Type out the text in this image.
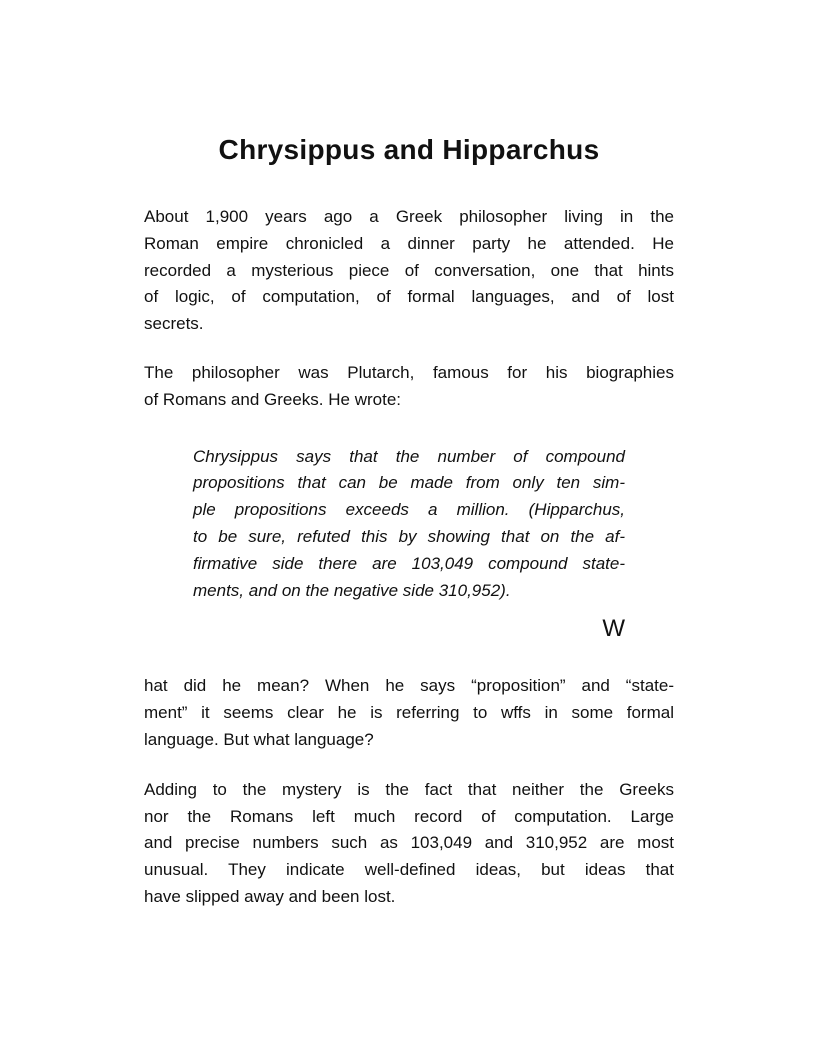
Chrysippus and Hipparchus

About 1,900 years ago a Greek philosopher living in the
Roman empire chronicled a dinner party he attended. He
recorded a mysterious piece of conversation, one that hints
of logic, of computation, of formal languages, and of lost
secrets.

The philosopher was Plutarch, famous for his biographies
of Romans and Greeks. He wrote:

Chrysippus says that the number of compound
propositions that can be made from only ten sim-
ple propositions exceeds a million. (Hipparchus,
to be sure, refuted this by showing that on the af-
firmative side there are 103,049 compound state-
ments, and on the negative side 310,952).
W

hat did he mean? When he says “proposition” and “state-
ment” it seems clear he is referring to wffs in some formal
language. But what language?

Adding to the mystery is the fact that neither the Greeks
nor the Romans left much record of computation. Large
and precise numbers such as 103,049 and 310,952 are most
unusual. They indicate well-defined ideas, but ideas that
have slipped away and been lost.
